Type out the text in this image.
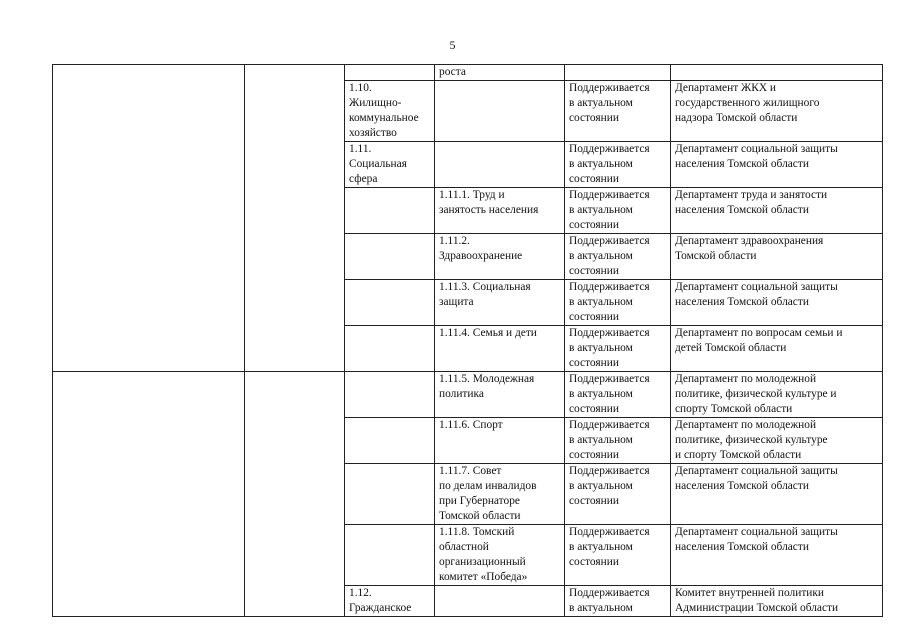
5
			роста		
		1.10.
Жилищно-
коммунальное
хозяйство		Поддерживается
в актуальном
состоянии	Департамент ЖКХ и
государственного жилищного
надзора Томской области
		1.11.
Социальная
сфера		Поддерживается
в актуальном
состоянии	Департамент социальной защиты
населения Томской области
			1.11.1. Труд и
занятость населения	Поддерживается
в актуальном
состоянии	Департамент труда и занятости
населения Томской области
			1.11.2.
Здравоохранение	Поддерживается
в актуальном
состоянии	Департамент здравоохранения
Томской области
			1.11.3. Социальная
защита	Поддерживается
в актуальном
состоянии	Департамент социальной защиты
населения Томской области
			1.11.4. Семья и дети	Поддерживается
в актуальном
состоянии	Департамент по вопросам семьи и
детей Томской области
			1.11.5. Молодежная
политика	Поддерживается
в актуальном
состоянии	Департамент по молодежной
политике, физической культуре и
спорту Томской области
			1.11.6. Спорт	Поддерживается
в актуальном
состоянии	Департамент по молодежной
политике, физической культуре
и спорту Томской области
			1.11.7. Совет
по делам инвалидов
при Губернаторе
Томской области	Поддерживается
в актуальном
состоянии	Департамент социальной защиты
населения Томской области
			1.11.8. Томский
областной
организационный
комитет «Победа»	Поддерживается
в актуальном
состоянии	Департамент социальной защиты
населения Томской области
		1.12.
Гражданское		Поддерживается
в актуальном	Комитет внутренней политики
Администрации Томской области
